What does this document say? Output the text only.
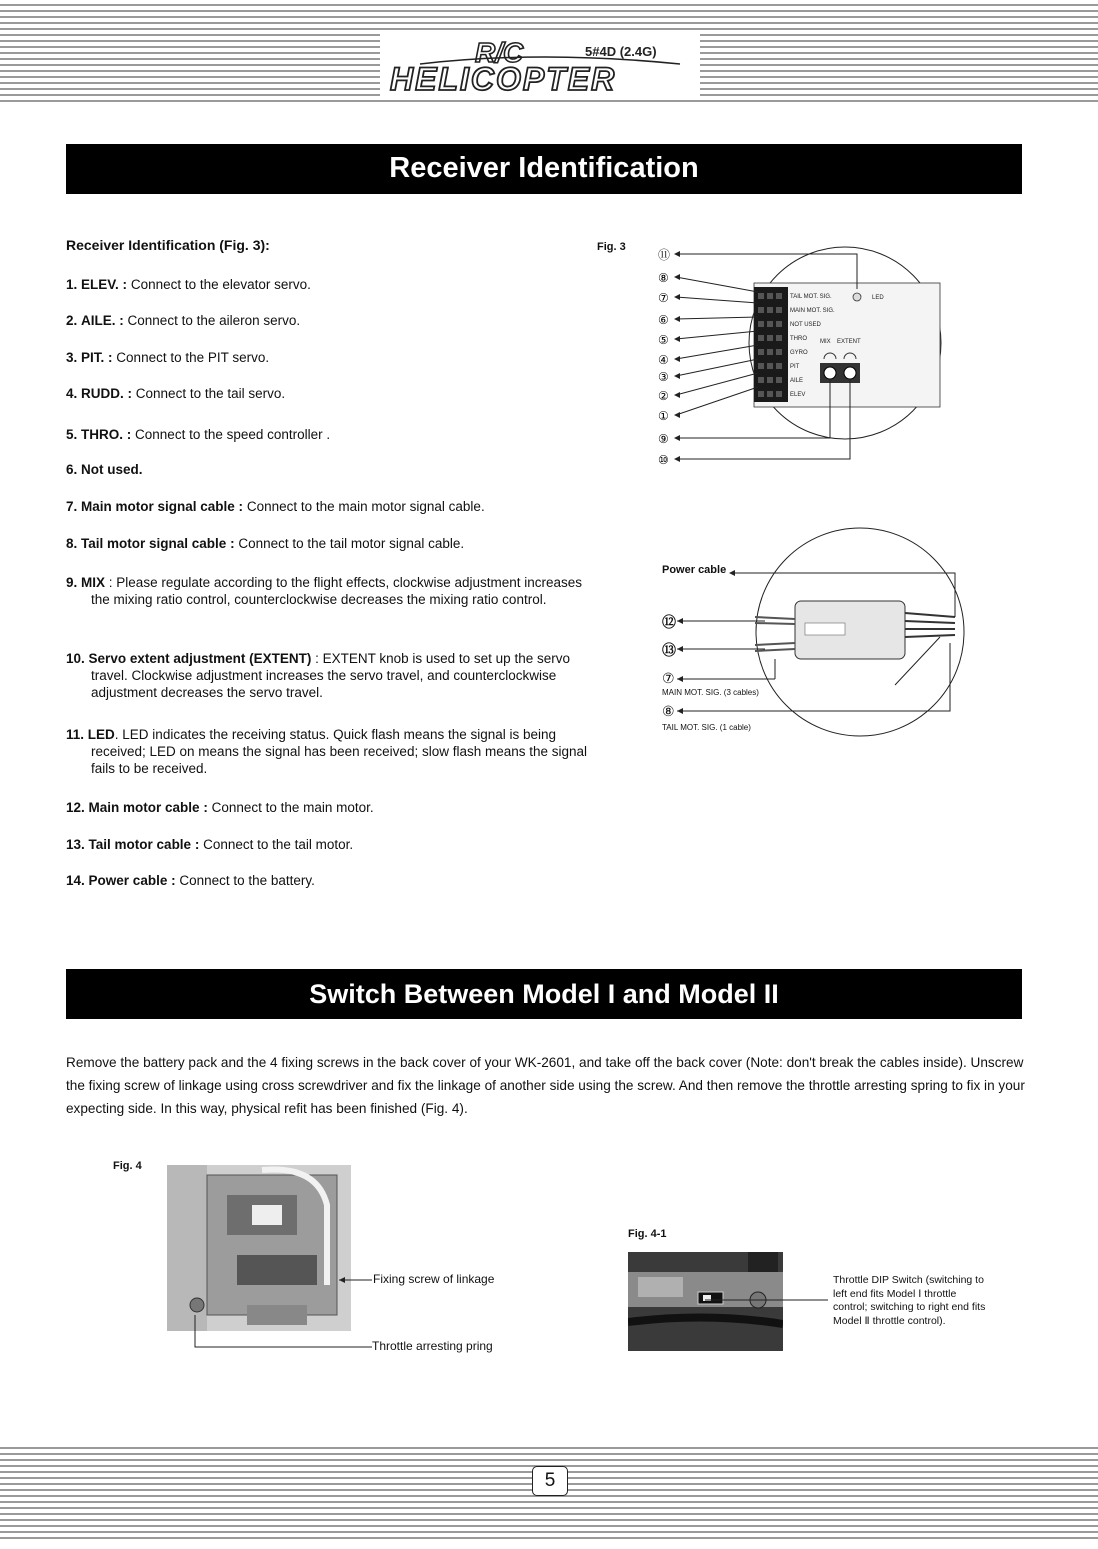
R/C
HELICOPTER
5#4D (2.4G)
Receiver Identification
Receiver Identification (Fig. 3):
1. ELEV. : Connect to the elevator servo.
2. AILE. : Connect to the aileron servo.
3. PIT. : Connect to the PIT servo.
4. RUDD. : Connect to the tail servo.
5. THRO. : Connect to the speed controller .
6. Not used.
7. Main motor signal cable : Connect to the main motor signal cable.
8. Tail motor signal cable : Connect to the tail motor signal cable.
9. MIX : Please regulate according to the flight effects, clockwise adjustment increases the mixing ratio control, counterclockwise decreases the mixing ratio control.
10. Servo extent adjustment (EXTENT) : EXTENT knob is used to set up the servo travel. Clockwise adjustment increases the servo travel, and counterclockwise adjustment decreases the servo travel.
11. LED. LED indicates the receiving status. Quick flash means the signal is being received; LED on means the signal has been received; slow flash means the signal fails to be received.
12. Main motor cable : Connect to the main motor.
13. Tail motor cable : Connect to the tail motor.
14. Power cable : Connect to the battery.
Fig. 3
TAIL MOT. SIG.
MAIN MOT. SIG.
NOT USED
THRO
GYRO
PIT
AILE
ELEV
LED
MIX EXTENT
⑪
⑧
⑦
⑥
⑤
④
③
②
①
⑨
⑩
Power cable
⑫
⑬
⑦
MAIN MOT. SIG. (3 cables)
⑧
TAIL MOT. SIG. (1 cable)
Switch Between Model I and Model II
Remove the battery pack and the 4 fixing screws in the back cover of your WK-2601, and take off the back cover (Note: don't break the cables inside). Unscrew the fixing screw of linkage using cross screwdriver and fix the linkage of another side using the screw. And then remove the throttle arresting spring to fix in your expecting side. In this way, physical refit has been finished (Fig. 4).
Fig. 4
Fixing screw of linkage
Throttle arresting pring
Fig. 4-1
Throttle DIP Switch (switching to left end fits Model Ⅰ throttle control; switching to right end fits Model Ⅱ throttle control).
5
